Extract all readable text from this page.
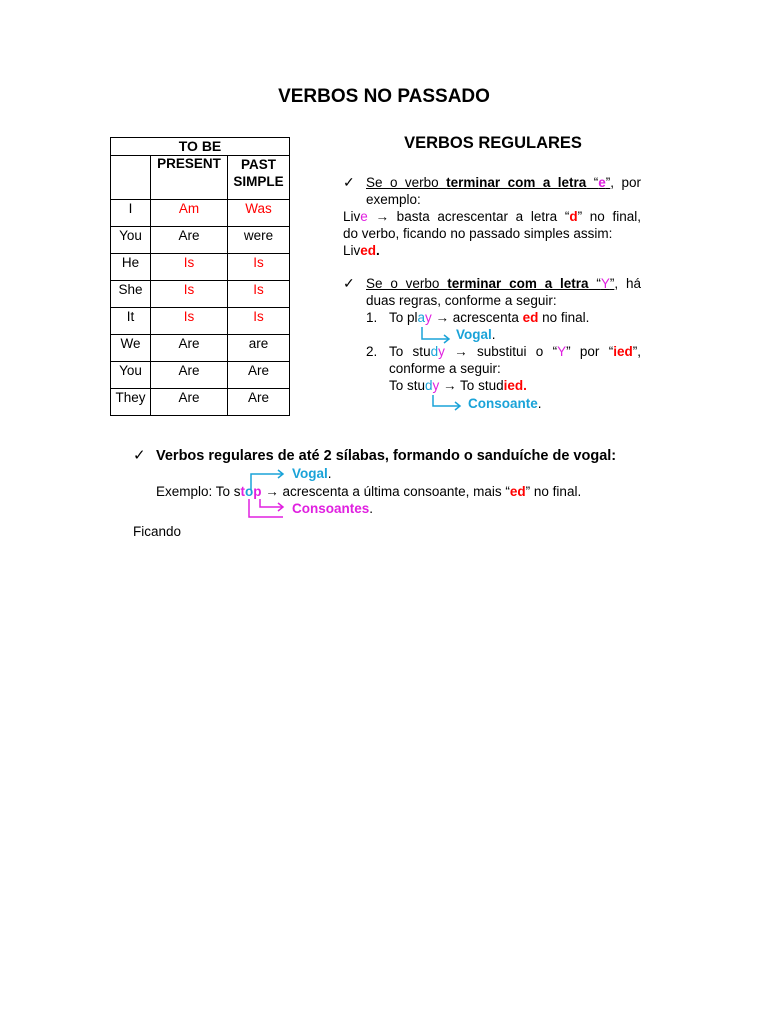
VERBOS NO PASSADO
TO BE		
	PRESENT	PAST
SIMPLE

I	Am	Was
You	Are	were
He	Is	Is
She	Is	Is
It	Is	Is
We	Are	are
You	Are	Are
They	Are	Are
VERBOS REGULARES
✓ Se o verbo terminar com a letra “e”, por
exemplo:
Live → basta acrescentar a letra “d” no final,
do verbo, ficando no passado simples assim:
Lived.
✓ Se o verbo terminar com a letra “Y”, há
duas regras, conforme a seguir:
1. To play → acrescenta ed no final.
Vogal.
2. To study → substitui o “Y” por “ied”,
conforme a seguir:
To study → To studied.
Consoante.
✓ Verbos regulares de até 2 sílabas, formando o sanduíche de vogal:
Vogal.
Exemplo: To stop → acrescenta a última consoante, mais “ed” no final.
Consoantes.
Ficando
